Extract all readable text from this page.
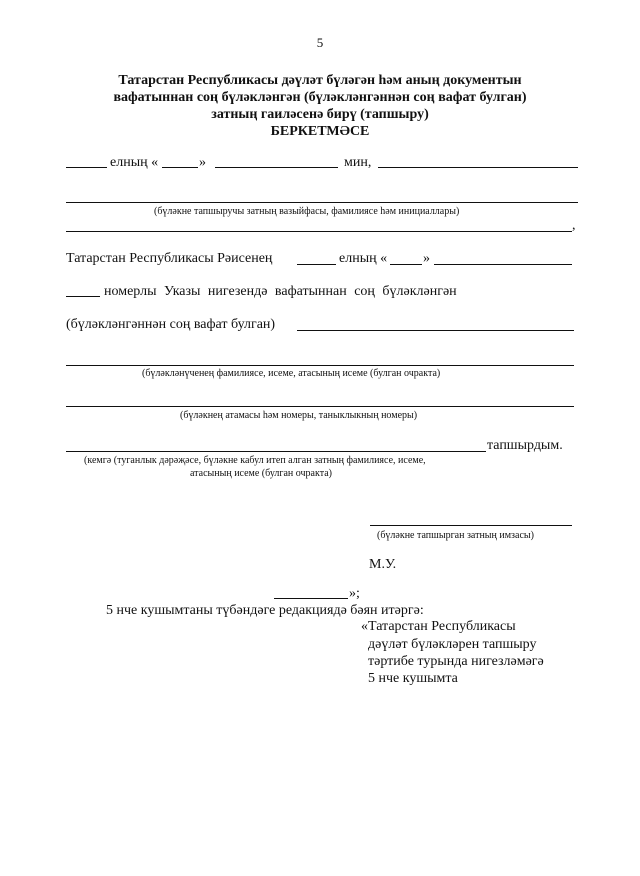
5
Татарстан Республикасы дәүләт бүләгән һәм аның документын
вафатыннан соң бүләкләнгән (бүләкләнгәннән соң вафат булган)
затның гаиләсенә бирү (тапшыру)
БЕРКЕТМӘСЕ
елның «	»	мин,
(бүләкне тапшыручы затның вазыйфасы, фамилиясе һәм инициаллары)
,
Татарстан Республикасы Рәисенең	елның «	»
номерлы Указы нигезендә вафатыннан соң бүләкләнгән
(бүләкләнгәннән соң вафат булган)
(бүләкләнүченең фамилиясе, исеме, атасының исеме (булган очракта)
(бүләкнең атамасы һәм номеры, таныклыкның номеры)
тапшырдым.
(кемгә (туганлык дәрәҗәсе, бүләкне кабул итеп алган затның фамилиясе, исеме,
атасының исеме (булган очракта)
(бүләкне тапшырган затның имзасы)
М.У.
»;
5 нче кушымтаны түбәндәге редакциядә бәян итәргә:
«Татарстан Республикасы
дәүләт бүләкләрен тапшыру
тәртибе турында нигезләмәгә
5 нче кушымта
